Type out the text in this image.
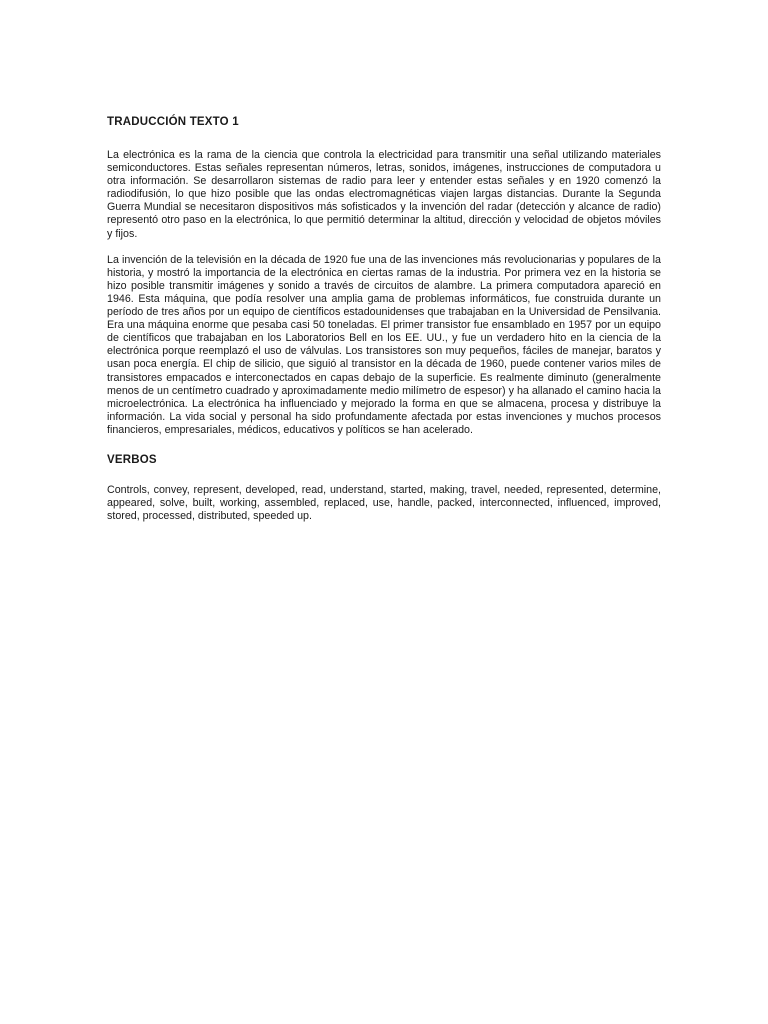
TRADUCCIÓN TEXTO 1

La electrónica es la rama de la ciencia que controla la electricidad para transmitir una señal utilizando materiales semiconductores. Estas señales representan números, letras, sonidos, imágenes, instrucciones de computadora u otra información. Se desarrollaron sistemas de radio para leer y entender estas señales y en 1920 comenzó la radiodifusión, lo que hizo posible que las ondas electromagnéticas viajen largas distancias. Durante la Segunda Guerra Mundial se necesitaron dispositivos más sofisticados y la invención del radar (detección y alcance de radio) representó otro paso en la electrónica, lo que permitió determinar la altitud, dirección y velocidad de objetos móviles y fijos.

La invención de la televisión en la década de 1920 fue una de las invenciones más revolucionarias y populares de la historia, y mostró la importancia de la electrónica en ciertas ramas de la industria. Por primera vez en la historia se hizo posible transmitir imágenes y sonido a través de circuitos de alambre. La primera computadora apareció en 1946. Esta máquina, que podía resolver una amplia gama de problemas informáticos, fue construida durante un período de tres años por un equipo de científicos estadounidenses que trabajaban en la Universidad de Pensilvania. Era una máquina enorme que pesaba casi 50 toneladas. El primer transistor fue ensamblado en 1957 por un equipo de científicos que trabajaban en los Laboratorios Bell en los EE. UU., y fue un verdadero hito en la ciencia de la electrónica porque reemplazó el uso de válvulas. Los transistores son muy pequeños, fáciles de manejar, baratos y usan poca energía. El chip de silicio, que siguió al transistor en la década de 1960, puede contener varios miles de transistores empacados e interconectados en capas debajo de la superficie. Es realmente diminuto (generalmente menos de un centímetro cuadrado y aproximadamente medio milímetro de espesor) y ha allanado el camino hacia la microelectrónica. La electrónica ha influenciado y mejorado la forma en que se almacena, procesa y distribuye la información. La vida social y personal ha sido profundamente afectada por estas invenciones y muchos procesos financieros, empresariales, médicos, educativos y políticos se han acelerado.

VERBOS

Controls, convey, represent, developed, read, understand, started, making, travel, needed, represented, determine, appeared, solve, built, working, assembled, replaced, use, handle, packed, interconnected, influenced, improved, stored, processed, distributed, speeded up.
